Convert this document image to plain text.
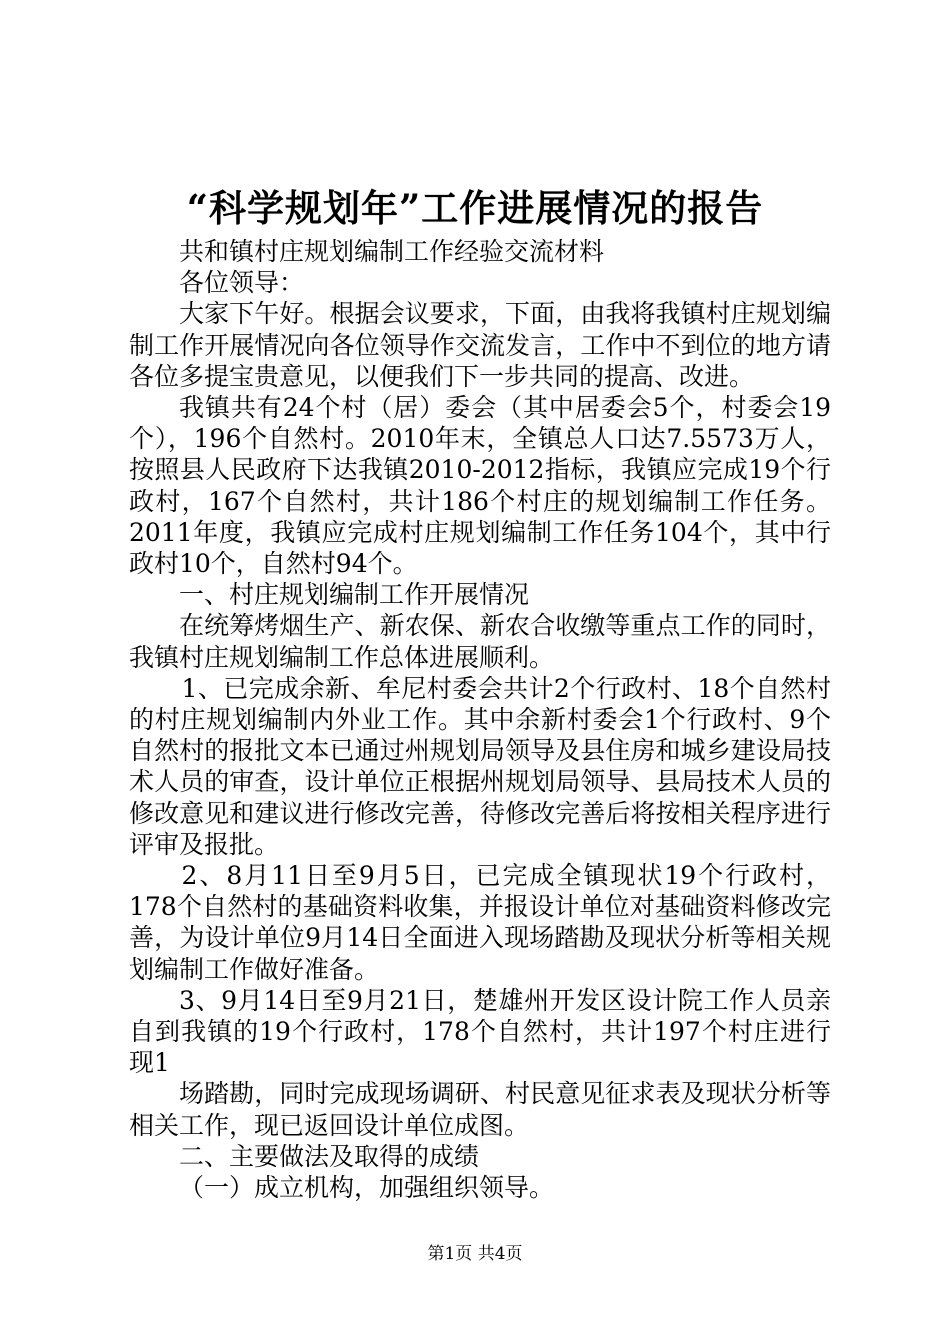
“科学规划年”工作进展情况的报告

共和镇村庄规划编制工作经验交流材料

各位领导：

大家下午好。根据会议要求，下面，由我将我镇村庄规划编制工作开展情况向各位领导作交流发言，工作中不到位的地方请各位多提宝贵意见，以便我们下一步共同的提高、改进。

我镇共有24个村（居）委会（其中居委会5个，村委会19个），196个自然村。2010年末，全镇总人口达7.5573万人，按照县人民政府下达我镇2010-2012指标，我镇应完成19个行政村，167个自然村，共计186个村庄的规划编制工作任务。2011年度，我镇应完成村庄规划编制工作任务104个，其中行政村10个，自然村94个。

一、村庄规划编制工作开展情况

在统筹烤烟生产、新农保、新农合收缴等重点工作的同时，我镇村庄规划编制工作总体进展顺利。

1、已完成余新、牟尼村委会共计2个行政村、18个自然村的村庄规划编制内外业工作。其中余新村委会1个行政村、9个自然村的报批文本已通过州规划局领导及县住房和城乡建设局技术人员的审查，设计单位正根据州规划局领导、县局技术人员的修改意见和建议进行修改完善，待修改完善后将按相关程序进行评审及报批。

2、8月11日至9月5日，已完成全镇现状19个行政村，178个自然村的基础资料收集，并报设计单位对基础资料修改完善，为设计单位9月14日全面进入现场踏勘及现状分析等相关规划编制工作做好准备。

3、9月14日至9月21日，楚雄州开发区设计院工作人员亲自到我镇的19个行政村，178个自然村，共计197个村庄进行现1

场踏勘，同时完成现场调研、村民意见征求表及现状分析等相关工作，现已返回设计单位成图。

二、主要做法及取得的成绩

（一）成立机构，加强组织领导。

第1页 共4页
